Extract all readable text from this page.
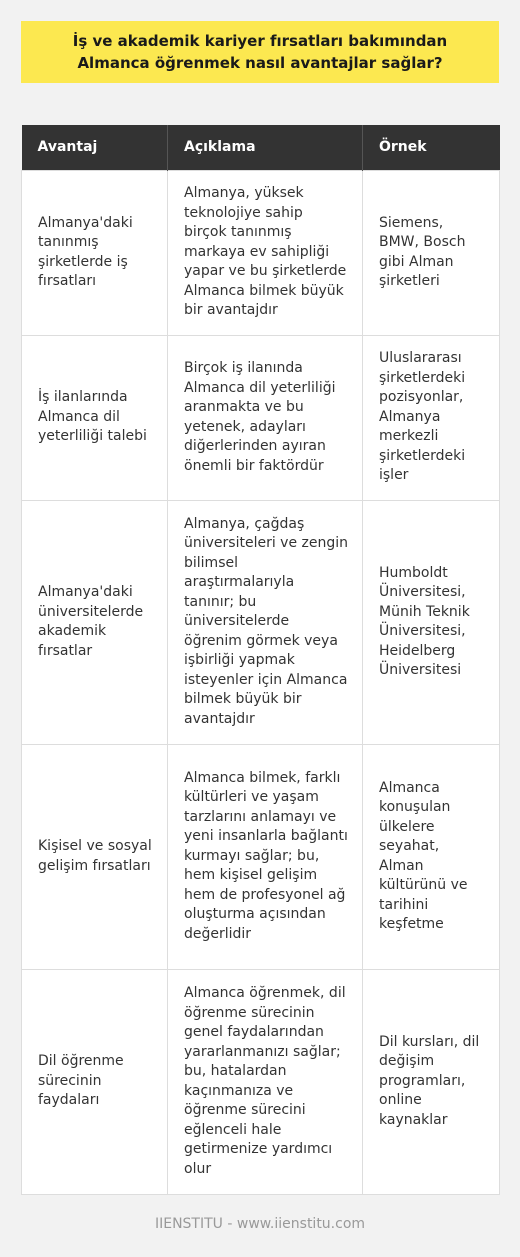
İş ve akademik kariyer fırsatları bakımından Almanca öğrenmek nasıl avantajlar sağlar?
Avantaj	Açıklama	Örnek
Almanya'daki tanınmış şirketlerde iş fırsatları	Almanya, yüksek teknolojiye sahip birçok tanınmış markaya ev sahipliği yapar ve bu şirketlerde Almanca bilmek büyük bir avantajdır	Siemens, BMW, Bosch gibi Alman şirketleri
İş ilanlarında Almanca dil yeterliliği talebi	Birçok iş ilanında Almanca dil yeterliliği aranmakta ve bu yetenek, adayları diğerlerinden ayıran önemli bir faktördür	Uluslararası şirketlerdeki pozisyonlar, Almanya merkezli şirketlerdeki işler
Almanya'daki üniversitelerde akademik fırsatlar	Almanya, çağdaş üniversiteleri ve zengin bilimsel araştırmalarıyla tanınır; bu üniversitelerde öğrenim görmek veya işbirliği yapmak isteyenler için Almanca bilmek büyük bir avantajdır	Humboldt Üniversitesi, Münih Teknik Üniversitesi, Heidelberg Üniversitesi
Kişisel ve sosyal gelişim fırsatları	Almanca bilmek, farklı kültürleri ve yaşam tarzlarını anlamayı ve yeni insanlarla bağlantı kurmayı sağlar; bu, hem kişisel gelişim hem de profesyonel ağ oluşturma açısından değerlidir	Almanca konuşulan ülkelere seyahat, Alman kültürünü ve tarihini keşfetme
Dil öğrenme sürecinin faydaları	Almanca öğrenmek, dil öğrenme sürecinin genel faydalarından yararlanmanızı sağlar; bu, hatalardan kaçınmanıza ve öğrenme sürecini eğlenceli hale getirmenize yardımcı olur	Dil kursları, dil değişim programları, online kaynaklar
IIENSTITU - www.iienstitu.com
